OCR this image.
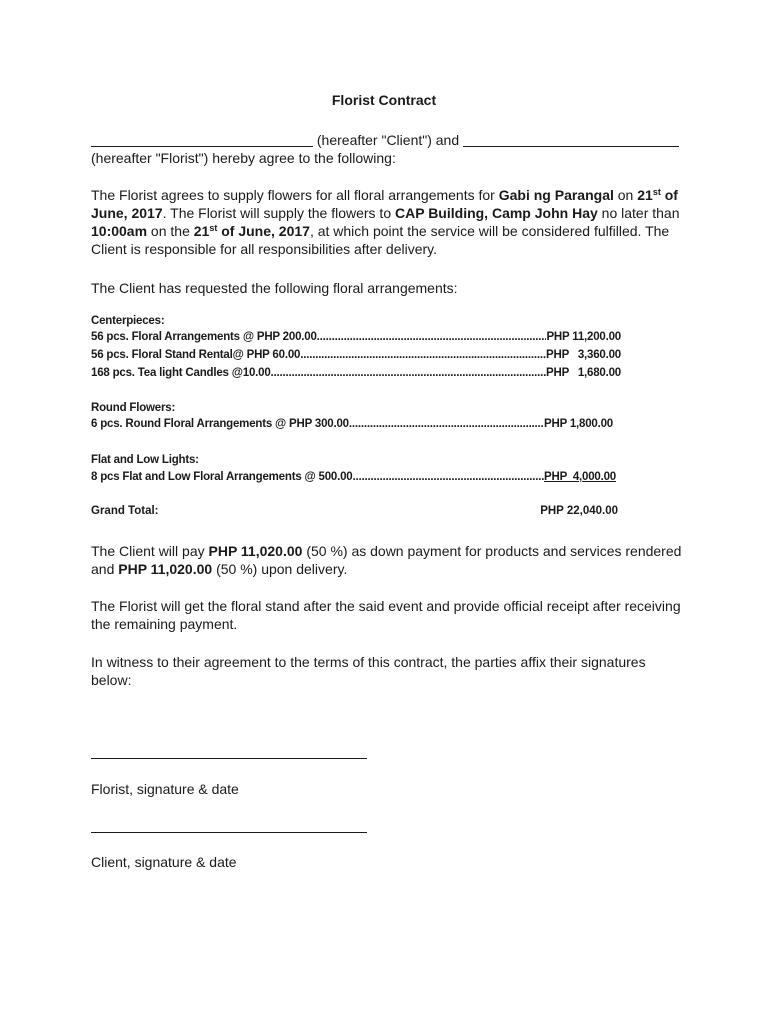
Florist Contract
(hereafter "Client") and
(hereafter "Florist") hereby agree to the following:
The Florist agrees to supply flowers for all floral arrangements for Gabi ng Parangal on 21st of June, 2017. The Florist will supply the flowers to CAP Building, Camp John Hay no later than 10:00am on the 21st of June, 2017, at which point the service will be considered fulfilled. The Client is responsible for all responsibilities after delivery.
The Client has requested the following floral arrangements:
Centerpieces:
56 pcs. Floral Arrangements @ PHP 200.00 .....	PHP 11,200.00
56 pcs. Floral Stand Rental@ PHP 60.00 .....	PHP   3,360.00
168 pcs. Tea light Candles @10.00 .....	PHP   1,680.00
Round Flowers:
6 pcs. Round Floral Arrangements @ PHP 300.00 .....	PHP 1,800.00
Flat and Low Lights:
8 pcs Flat and Low Floral Arrangements @ 500.00 .....	PHP  4,000.00
Grand Total:	PHP 22,040.00
The Client will pay PHP 11,020.00 (50 %) as down payment for products and services rendered and PHP 11,020.00 (50 %) upon delivery.
The Florist will get the floral stand after the said event and provide official receipt after receiving the remaining payment.
In witness to their agreement to the terms of this contract, the parties affix their signatures below:
Florist, signature & date
Client, signature & date
